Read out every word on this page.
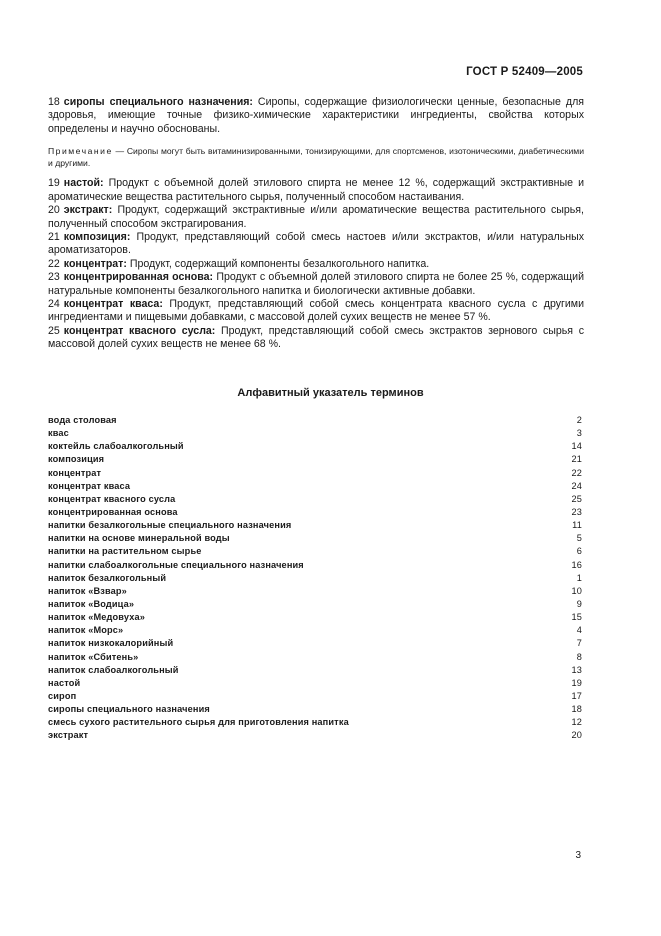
ГОСТ Р 52409—2005

18 сиропы специального назначения: Сиропы, содержащие физиологически ценные, безопасные для здоровья, имеющие точные физико-химические характеристики ингредиенты, свойства которых определены и научно обоснованы.

Примечание — Сиропы могут быть витаминизированными, тонизирующими, для спортсменов, изотоническими, диабетическими и другими.

19 настой: Продукт с объемной долей этилового спирта не менее 12 %, содержащий экстрактивные и ароматические вещества растительного сырья, полученный способом настаивания.

20 экстракт: Продукт, содержащий экстрактивные и/или ароматические вещества растительного сырья, полученный способом экстрагирования.

21 композиция: Продукт, представляющий собой смесь настоев и/или экстрактов, и/или натуральных ароматизаторов.

22 концентрат: Продукт, содержащий компоненты безалкогольного напитка.

23 концентрированная основа: Продукт с объемной долей этилового спирта не более 25 %, содержащий натуральные компоненты безалкогольного напитка и биологически активные добавки.

24 концентрат кваса: Продукт, представляющий собой смесь концентрата квасного сусла с другими ингредиентами и пищевыми добавками, с массовой долей сухих веществ не менее 57 %.

25 концентрат квасного сусла: Продукт, представляющий собой смесь экстрактов зернового сырья с массовой долей сухих веществ не менее 68 %.

Алфавитный указатель терминов
вода столовая	2
квас	3
коктейль слабоалкогольный	14
композиция	21
концентрат	22
концентрат кваса	24
концентрат квасного сусла	25
концентрированная основа	23
напитки безалкогольные специального назначения	11
напитки на основе минеральной воды	5
напитки на растительном сырье	6
напитки слабоалкогольные специального назначения	16
напиток безалкогольный	1
напиток «Взвар»	10
напиток «Водица»	9
напиток «Медовуха»	15
напиток «Морс»	4
напиток низкокалорийный	7
напиток «Сбитень»	8
напиток слабоалкогольный	13
настой	19
сироп	17
сиропы специального назначения	18
смесь сухого растительного сырья для приготовления напитка	12
экстракт	20
3
